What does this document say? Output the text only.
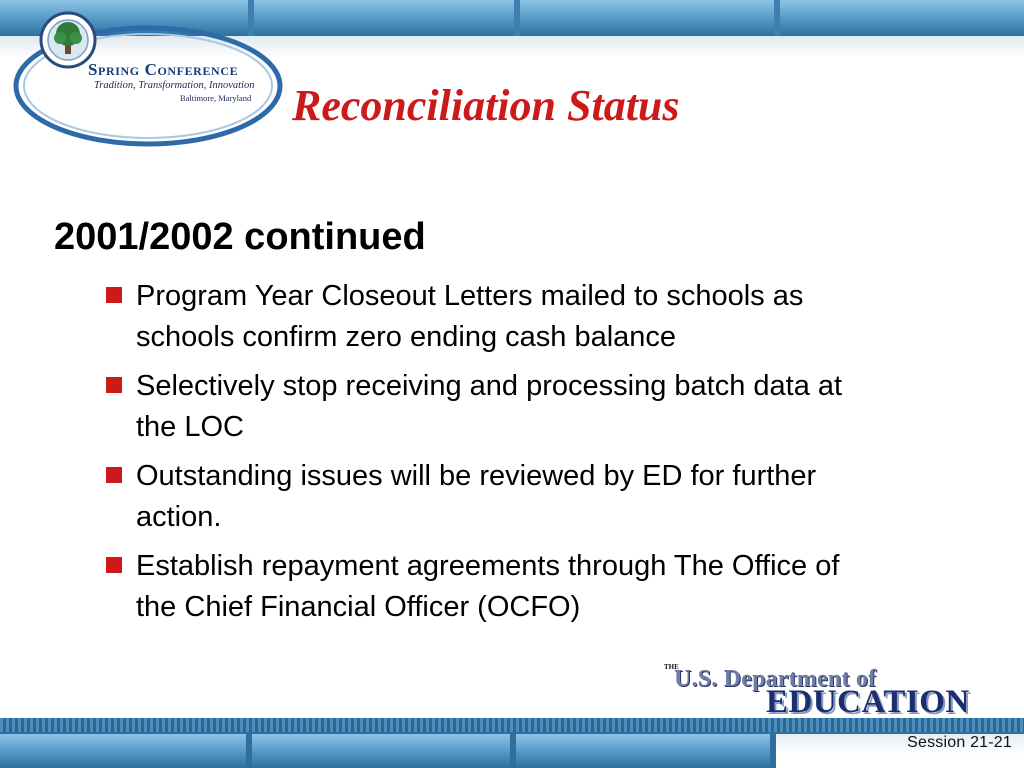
Spring Conference
Tradition, Transformation, Innovation
Baltimore, Maryland Reconciliation Status
2001/2002 continued
Program Year Closeout Letters mailed to schools as schools confirm zero ending cash balance
Selectively stop receiving and processing batch data at the LOC
Outstanding issues will be reviewed by ED for further action.
Establish repayment agreements through The Office of the Chief Financial Officer (OCFO)
THE
U.S. Department of
EDUCATION
Session 21-21
